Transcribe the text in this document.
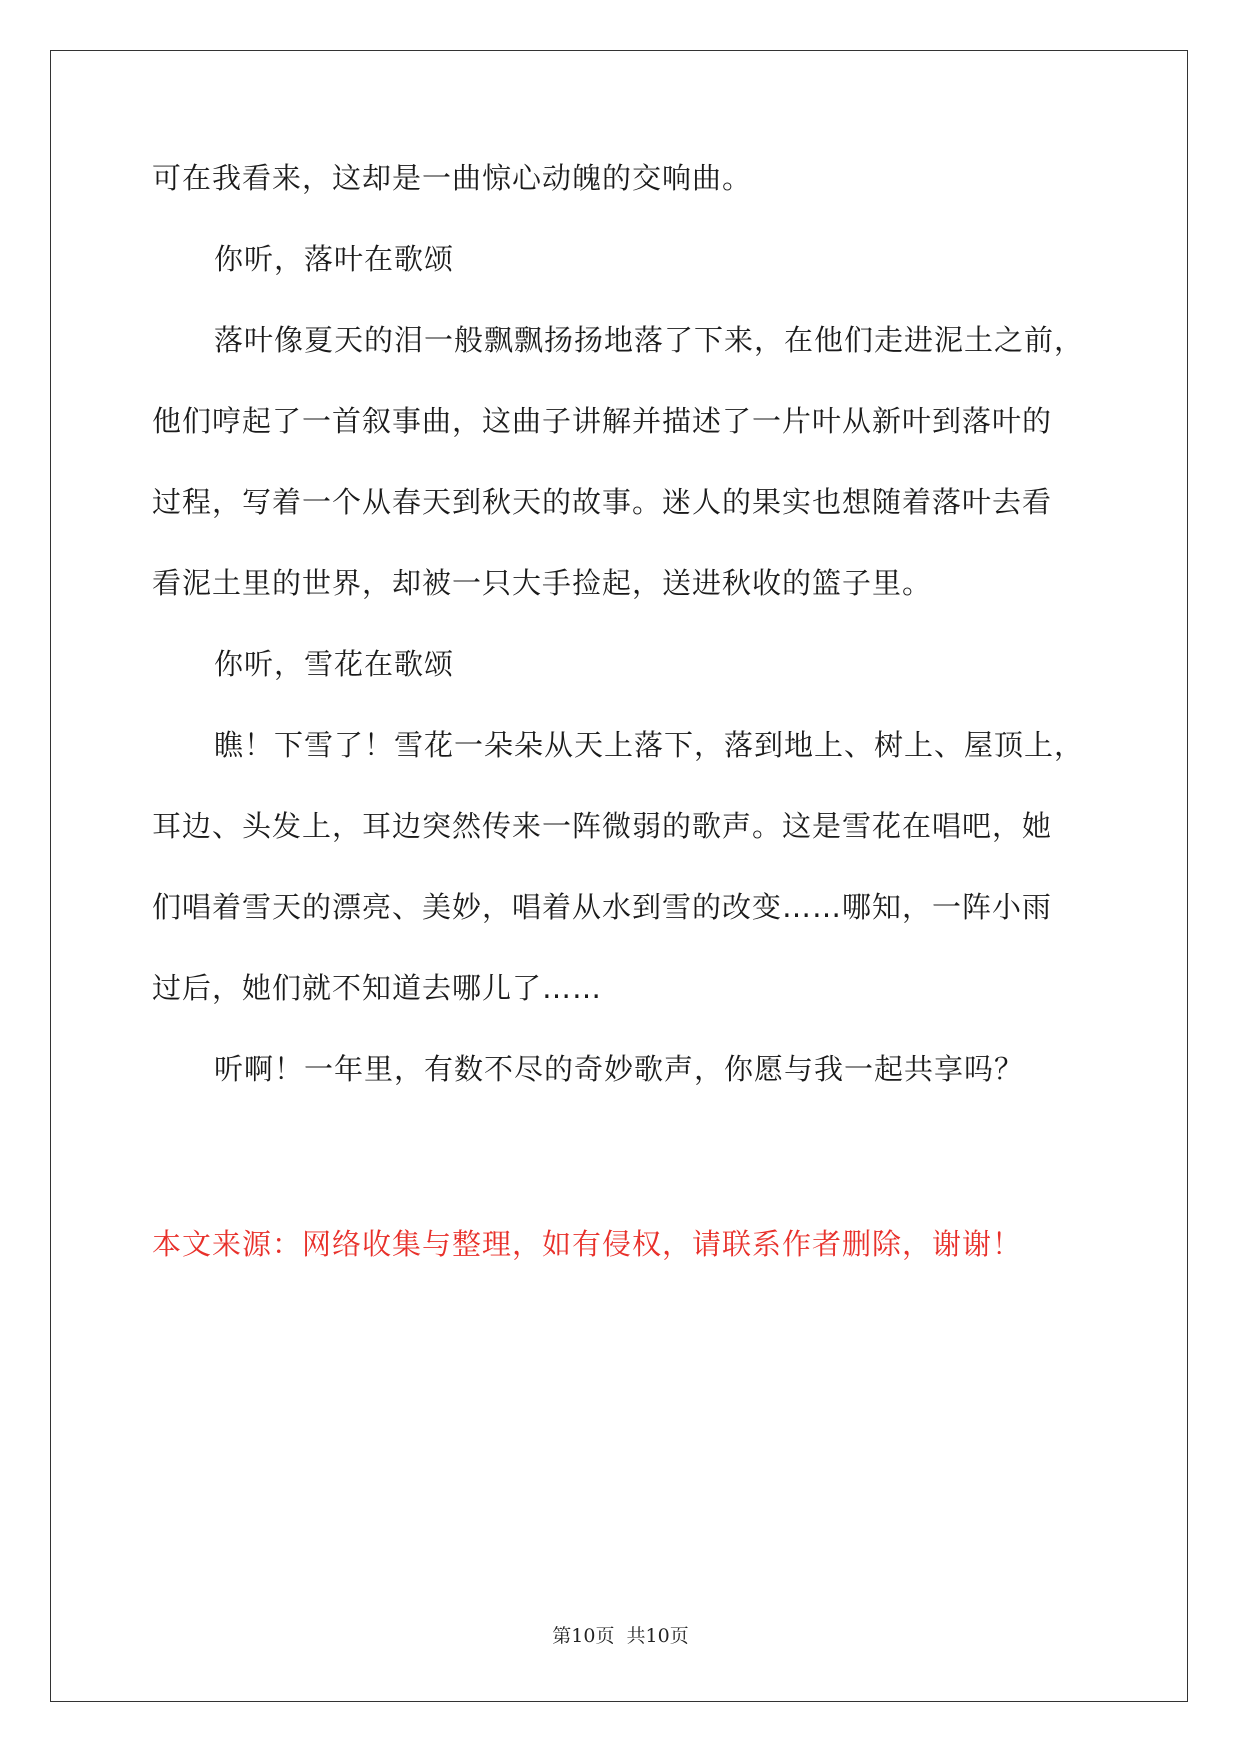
可在我看来，这却是一曲惊心动魄的交响曲。

你听，落叶在歌颂

落叶像夏天的泪一般飘飘扬扬地落了下来，在他们走进泥土之前，

他们哼起了一首叙事曲，这曲子讲解并描述了一片叶从新叶到落叶的

过程，写着一个从春天到秋天的故事。迷人的果实也想随着落叶去看

看泥土里的世界，却被一只大手捡起，送进秋收的篮子里。

你听，雪花在歌颂

瞧！下雪了！雪花一朵朵从天上落下，落到地上、树上、屋顶上，

耳边、头发上，耳边突然传来一阵微弱的歌声。这是雪花在唱吧，她

们唱着雪天的漂亮、美妙，唱着从水到雪的改变……哪知，一阵小雨

过后，她们就不知道去哪儿了……

听啊！一年里，有数不尽的奇妙歌声，你愿与我一起共享吗？

本文来源：网络收集与整理，如有侵权，请联系作者删除，谢谢！
第10页  共10页
